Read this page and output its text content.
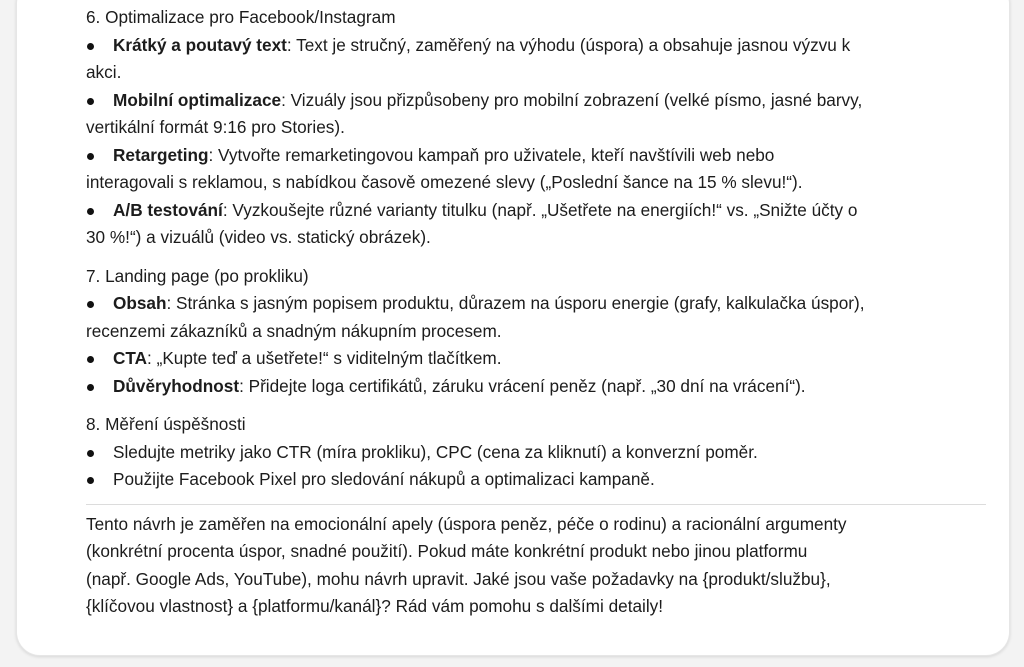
6. Optimalizace pro Facebook/Instagram

Krátký a poutavý text: Text je stručný, zaměřený na výhodu (úspora) a obsahuje jasnou výzvu k
akci.
Mobilní optimalizace: Vizuály jsou přizpůsobeny pro mobilní zobrazení (velké písmo, jasné barvy,
vertikální formát 9:16 pro Stories).
Retargeting: Vytvořte remarketingovou kampaň pro uživatele, kteří navštívili web nebo
interagovali s reklamou, s nabídkou časově omezené slevy („Poslední šance na 15 % slevu!“).
A/B testování: Vyzkoušejte různé varianty titulku (např. „Ušetřete na energiích!“ vs. „Snižte účty o
30 %!“) a vizuálů (video vs. statický obrázek).

7. Landing page (po prokliku)

Obsah: Stránka s jasným popisem produktu, důrazem na úsporu energie (grafy, kalkulačka úspor),
recenzemi zákazníků a snadným nákupním procesem.
CTA: „Kupte teď a ušetřete!“ s viditelným tlačítkem.
Důvěryhodnost: Přidejte loga certifikátů, záruku vrácení peněz (např. „30 dní na vrácení“).

8. Měření úspěšnosti

Sledujte metriky jako CTR (míra prokliku), CPC (cena za kliknutí) a konverzní poměr.
Použijte Facebook Pixel pro sledování nákupů a optimalizaci kampaně.

Tento návrh je zaměřen na emocionální apely (úspora peněz, péče o rodinu) a racionální argumenty
(konkrétní procenta úspor, snadné použití). Pokud máte konkrétní produkt nebo jinou platformu
(např. Google Ads, YouTube), mohu návrh upravit. Jaké jsou vaše požadavky na {produkt/službu},
{klíčovou vlastnost} a {platformu/kanál}? Rád vám pomohu s dalšími detaily!
